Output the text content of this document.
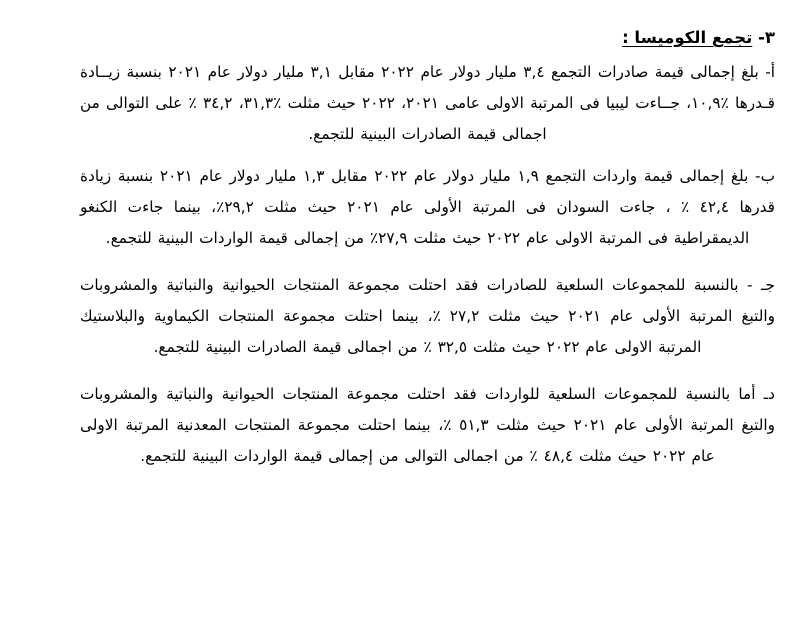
٣- تجمع الكوميسا :

أ- بلغ إجمالى قيمة صادرات التجمع ٣,٤ مليار دولار عام ٢٠٢٢ مقابل ٣,١ مليار دولار عام ٢٠٢١ بنسبة زيــادة قـدرها ٪١٠,٩، جــاءت ليبيا فى المرتبة الاولى عامى ٢٠٢١، ٢٠٢٢ حيث مثلت ٪٣١,٣، ٣٤,٢ ٪ على التوالى من اجمالى قيمة الصادرات البينية للتجمع.

ب- بلغ إجمالى قيمة واردات التجمع ١,٩ مليار دولار عام ٢٠٢٢ مقابل ١,٣ مليار دولار عام ٢٠٢١ بنسبة زيادة قدرها ٤٢,٤ ٪ ، جاءت السودان فى المرتبة الأولى عام ٢٠٢١ حيث مثلت ٢٩,٢٪، بينما جاءت الكنغو الديمقراطية فى المرتبة الاولى عام ٢٠٢٢ حيث مثلت ٢٧,٩٪ من إجمالى قيمة الواردات البينية للتجمع.

جـ - بالنسبة للمجموعات السلعية للصادرات فقد احتلت مجموعة المنتجات الحيوانية والنباتية والمشروبات والتبغ المرتبة الأولى عام ٢٠٢١ حيث مثلت ٢٧,٢ ٪، بينما احتلت مجموعة المنتجات الكيماوية والبلاستيك المرتبة الاولى عام ٢٠٢٢ حيث مثلت ٣٢,٥ ٪ من اجمالى قيمة الصادرات البينية للتجمع.

دـ أما بالنسبة للمجموعات السلعية للواردات فقد احتلت مجموعة المنتجات الحيوانية والنباتية والمشروبات والتبغ المرتبة الأولى عام ٢٠٢١ حيث مثلت ٥١,٣ ٪، بينما احتلت مجموعة المنتجات المعدنية المرتبة الاولى عام ٢٠٢٢ حيث مثلت ٤٨,٤ ٪ من اجمالى التوالى من إجمالى قيمة الواردات البينية للتجمع.
